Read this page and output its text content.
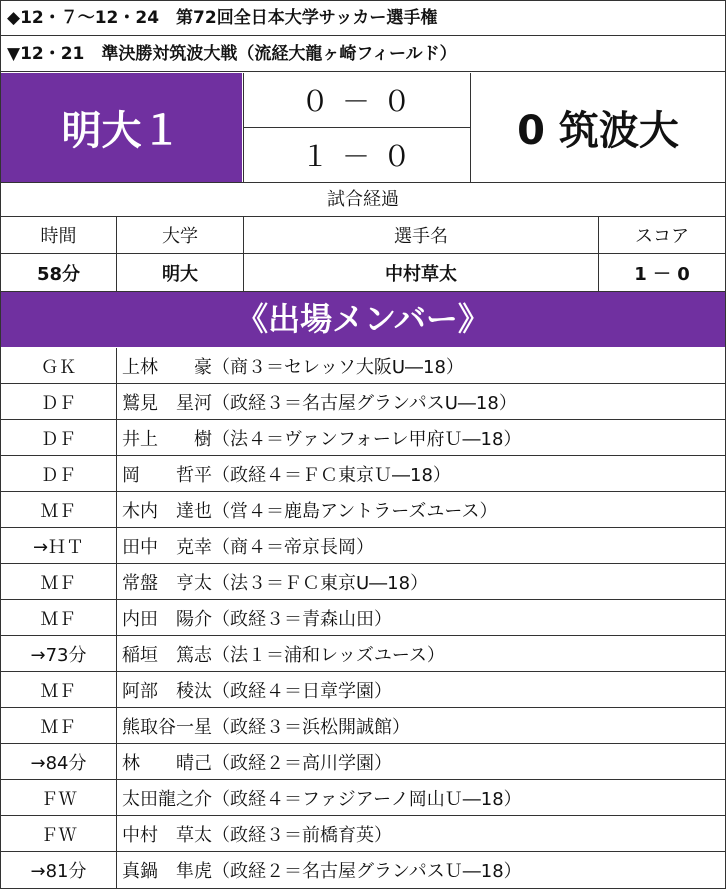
◆12・７〜12・24　第72回全日本大学サッカー選手権
▼12・21　準決勝対筑波大戦（流経大龍ヶ崎フィールド）
明大１
０ － ０
１ － ０
0 筑波大
試合経過
時間	大学	選手名	スコア
58分	明大	中村草太	1 － 0
《出場メンバー》
ＧＫ	上林　　豪（商３＝セレッソ大阪U―18）
ＤＦ	鷲見　星河（政経３＝名古屋グランパスU―18）
ＤＦ	井上　　樹（法４＝ヴァンフォーレ甲府Ｕ―18）
ＤＦ	岡　　哲平（政経４＝ＦＣ東京Ｕ―18）
ＭＦ	木内　達也（営４＝鹿島アントラーズユース）
→ＨＴ	田中　克幸（商４＝帝京長岡）
ＭＦ	常盤　亨太（法３＝ＦＣ東京U―18）
ＭＦ	内田　陽介（政経３＝青森山田）
→73分	稲垣　篤志（法１＝浦和レッズユース）
ＭＦ	阿部　稜汰（政経４＝日章学園）
ＭＦ	熊取谷一星（政経３＝浜松開誠館）
→84分	林　　晴己（政経２＝高川学園）
ＦＷ	太田龍之介（政経４＝ファジアーノ岡山Ｕ―18）
ＦＷ	中村　草太（政経３＝前橋育英）
→81分	真鍋　隼虎（政経２＝名古屋グランパスＵ―18）
